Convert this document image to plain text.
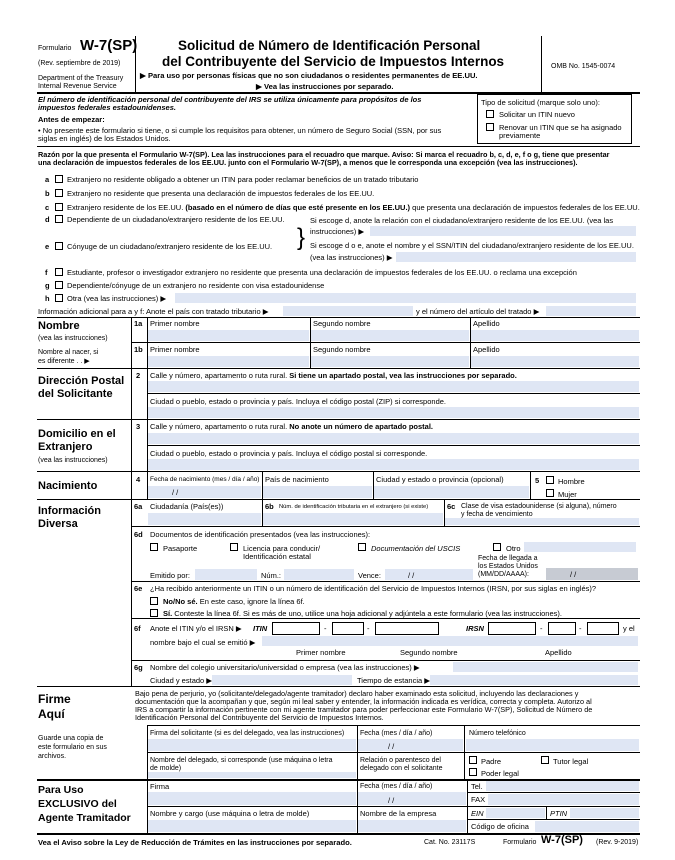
Formulario W-7(SP)
(Rev. septiembre de 2019)
Department of the Treasury
Internal Revenue Service
Solicitud de Número de Identificación Personal
del Contribuyente del Servicio de Impuestos Internos
▶ Para uso por personas físicas que no son ciudadanos o residentes permanentes de EE.UU.
▶ Vea las instrucciones por separado.
OMB No. 1545-0074
El número de identificación personal del contribuyente del IRS se utiliza únicamente para propósitos de los
impuestos federales estadounidenses.
Antes de empezar:
• No presente este formulario si tiene, o si cumple los requisitos para obtener, un número de Seguro Social (SSN, por sus
siglas en inglés) de los Estados Unidos.
Tipo de solicitud (marque solo uno):
Solicitar un ITIN nuevo
Renovar un ITIN que se ha asignado
previamente
Razón por la que presenta el Formulario W-7(SP). Lea las instrucciones para el recuadro que marque. Aviso: Si marca el recuadro b, c, d, e, f o g, tiene que presentar
una declaración de impuestos federales de los EE.UU. junto con el Formulario W-7(SP), a menos que le corresponda una excepción (vea las instrucciones).
a Extranjero no residente obligado a obtener un ITIN para poder reclamar beneficios de un tratado tributario
b Extranjero no residente que presenta una declaración de impuestos federales de los EE.UU.
c Extranjero residente de los EE.UU. (basado en el número de días que esté presente en los EE.UU.) que presenta una declaración de impuestos federales de los EE.UU.
d Dependiente de un ciudadano/extranjero residente de los EE.UU.
e Cónyuge de un ciudadano/extranjero residente de los EE.UU. }
Si escoge d, anote la relación con el ciudadano/extranjero residente de los EE.UU. (vea las
instrucciones) ▶
Si escoge d o e, anote el nombre y el SSN/ITIN del ciudadano/extranjero residente de los EE.UU.
(vea las instrucciones) ▶
f	Estudiante, profesor o investigador extranjero no residente que presenta una declaración de impuestos federales de los EE.UU. o reclama una excepción
g Dependiente/cónyuge de un extranjero no residente con visa estadounidense
h Otra (vea las instrucciones) ▶
Información adicional para a y f: Anote el país con tratado tributario ▶	y el número del artículo del tratado ▶
Nombre
(vea las instrucciones)
Nombre al nacer, si
es diferente . . ▶
1a Primer nombre	Segundo nombre	Apellido
1b Primer nombre	Segundo nombre	Apellido
Dirección Postal del Solicitante
2 Calle y número, apartamento o ruta rural. Si tiene un apartado postal, vea las instrucciones por separado.
Ciudad o pueblo, estado o provincia y país. Incluya el código postal (ZIP) si corresponde.
Domicilio en el Extranjero
(vea las instrucciones)
3 Calle y número, apartamento o ruta rural. No anote un número de apartado postal.
Ciudad o pueblo, estado o provincia y país. Incluya el código postal si corresponde.
Nacimiento
4 Fecha de nacimiento (mes / día / año)
/ /
País de nacimiento	Ciudad y estado o provincia (opcional)	5	Hombre
Mujer
Información Diversa
6a Ciudadanía (País(es))	6b Núm. de identificación tributaria en el extranjero (si existe)	6c Clase de visa estadounidense (si alguna), número
y fecha de vencimiento
6d Documentos de identificación presentados (vea las instrucciones):
Pasaporte	Licencia para conducir/
Identificación estatal
Documentación del USCIS	Otro
Emitido por:	Núm.:	Vence:	/ /
Fecha de llegada a
los Estados Unidos
(MM/DD/AAAA):	/ /
6e ¿Ha recibido anteriormente un ITIN o un número de identificación del Servicio de Impuestos Internos (IRSN, por sus siglas en inglés)?
No/No sé. En este caso, ignore la línea 6f.
Sí. Conteste la línea 6f. Si es más de uno, utilice una hoja adicional y adjúntela a este formulario (vea las instrucciones).
6f Anote el ITIN y/o el IRSN ▶ ITIN	-	-	IRSN	-	-	y el
nombre bajo el cual se emitió ▶
Primer nombre	Segundo nombre	Apellido
6g Nombre del colegio universitario/universidad o empresa (vea las instrucciones) ▶
Ciudad y estado ▶	Tiempo de estancia ▶
Firme Aquí
Guarde una copia de
este formulario en sus
archivos.
Bajo pena de perjurio, yo (solicitante/delegado/agente tramitador) declaro haber examinado esta solicitud, incluyendo las declaraciones y
documentación que la acompañan y que, según mi leal saber y entender, la información indicada es verídica, correcta y completa. Autorizo al
IRS a compartir la información pertinente con mi agente tramitador para poder perfeccionar este Formulario W-7(SP), Solicitud de Número de
Identificación Personal del Contribuyente del Servicio de Impuestos Internos.
Firma del solicitante (si es del delegado, vea las instrucciones) Fecha (mes / día / año)
/ /
Número telefónico
Nombre del delegado, si corresponde (use máquina o letra
de molde)
Relación o parentesco del
delegado con el solicitante
Padre	Tutor legal
Poder legal
Para Uso EXCLUSIVO del Agente Tramitador
Firma	Fecha (mes / día / año)
/ /
Tel.
FAX
Nombre y cargo (use máquina o letra de molde)	Nombre de la empresa	EIN	PTIN
Código de oficina
Vea el Aviso sobre la Ley de Reducción de Trámites en las instrucciones por separado.	Cat. No. 23117S	Formulario W-7(SP) (Rev. 9-2019)
